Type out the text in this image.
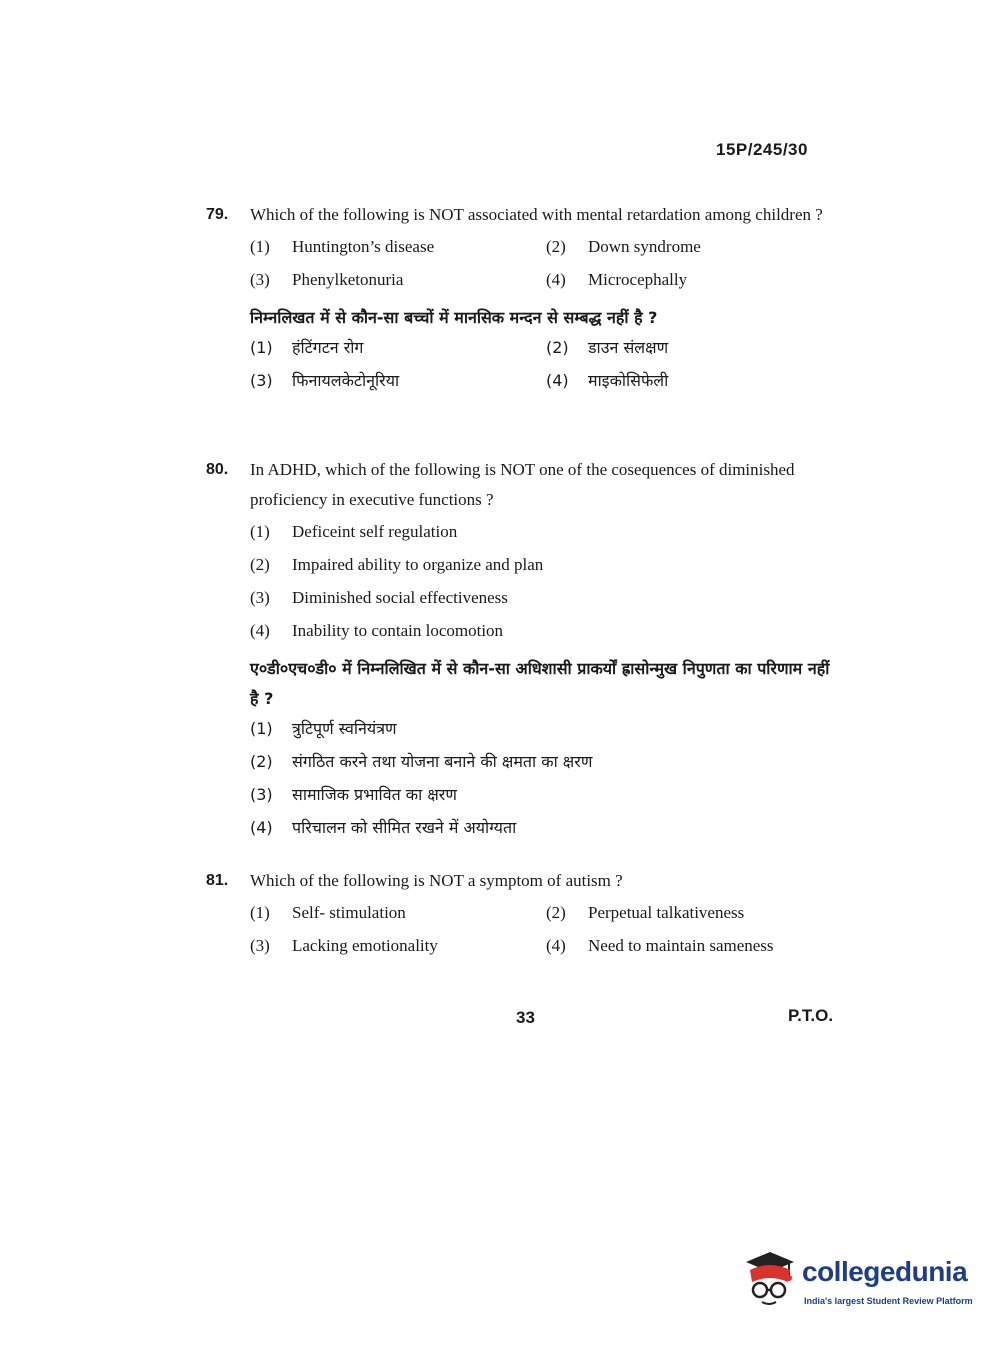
15P/245/30
79. Which of the following is NOT associated with mental retardation among children ?
(1)	Huntington’s disease	(2)	Down syndrome
(3)	Phenylketonuria	(4)	Microcephally
निम्नलिखत में से कौन-सा बच्चों में मानसिक मन्दन से सम्बद्ध नहीं है ?
(1)	हंटिंगटन रोग	(2)	डाउन संलक्षण
(3)	फिनायलकेटोनूरिया	(4)	माइकोसिफेली
80. In ADHD, which of the following is NOT one of the cosequences of diminished proficiency in executive functions ?
(1)	Deficeint self regulation
(2)	Impaired ability to organize and plan
(3)	Diminished social effectiveness
(4)	Inability to contain locomotion
ए०डी०एच०डी० में निम्नलिखित में से कौन-सा अधिशासी प्राकर्यों ह्रासोन्मुख निपुणता का परिणाम नहीं है ?
(1)	त्रुटिपूर्ण स्वनियंत्रण
(2)	संगठित करने तथा योजना बनाने की क्षमता का क्षरण
(3)	सामाजिक प्रभावित का क्षरण
(4)	परिचालन को सीमित रखने में अयोग्यता
81. Which of the following is NOT a symptom of autism ?
(1)	Self- stimulation	(2)	Perpetual talkativeness
(3)	Lacking emotionality	(4)	Need to maintain sameness
33	P.T.O.
collegedunia
India's largest Student Review Platform
